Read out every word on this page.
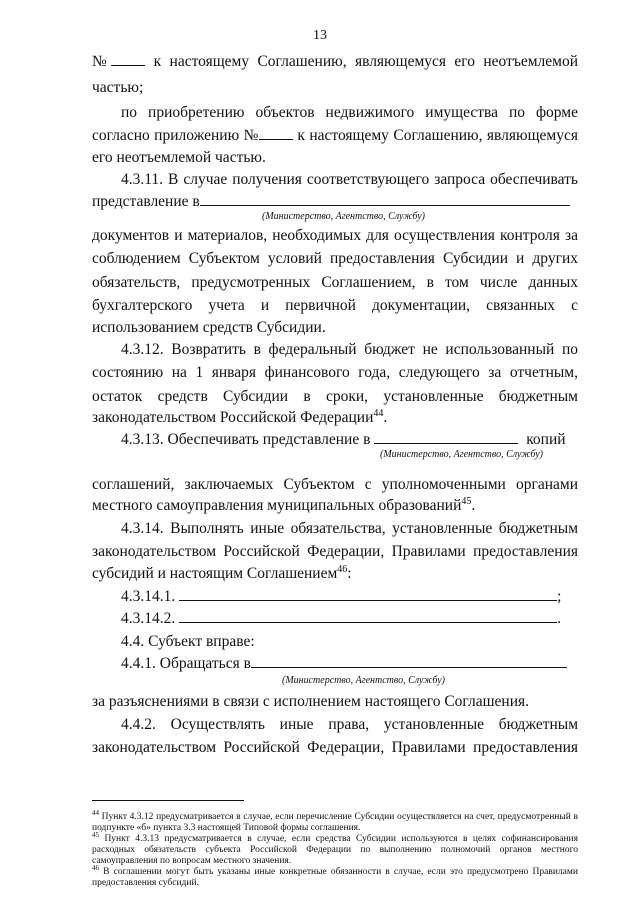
13
№	к настоящему Соглашению, являющемуся его неотъемлемой
частью;
по приобретению объектов недвижимого имущества по форме
согласно приложению № к настоящему Соглашению, являющемуся
его неотъемлемой частью.
4.3.11. В случае получения соответствующего запроса обеспечивать
представление в
(Министерство, Агентство, Службу)
документов и материалов, необходимых для осуществления контроля за
соблюдением Субъектом условий предоставления Субсидии и других
обязательств, предусмотренных Соглашением, в том числе данных
бухгалтерского учета и первичной документации, связанных с
использованием средств Субсидии.
4.3.12. Возвратить в федеральный бюджет не использованный по
состоянию на 1 января финансового года, следующего за отчетным,
остаток средств Субсидии в сроки, установленные бюджетным
законодательством Российской Федерации$^{44}$.
4.3.13. Обеспечивать представление в	копий
(Министерство, Агентство, Службу)
соглашений, заключаемых Субъектом с уполномоченными органами
местного самоуправления муниципальных образований$^{45}$.
4.3.14. Выполнять иные обязательства, установленные бюджетным
законодательством Российской Федерации, Правилами предоставления
субсидий и настоящим Соглашением$^{46}$:
4.3.14.1.	;
4.3.14.2.	.
4.4. Субъект вправе:
4.4.1. Обращаться в
(Министерство, Агентство, Службу)
за разъяснениями в связи с исполнением настоящего Соглашения.
4.4.2. Осуществлять иные права, установленные бюджетным
законодательством Российской Федерации, Правилами предоставления
$^{44}$ Пункт 4.3.12 предусматривается в случае, если перечисление Субсидии осуществляется на счет, предусмотренный в подпункте «б» пункта 3.3 настоящей Типовой формы соглашения.
$^{45}$ Пункт 4.3.13 предусматривается в случае, если средства Субсидии используются в целях софинансирования расходных обязательств субъекта Российской Федерации по выполнению полномочий органов местного самоуправления по вопросам местного значения.
$^{46}$ В соглашении могут быть указаны иные конкретные обязанности в случае, если это предусмотрено Правилами предоставления субсидий.
